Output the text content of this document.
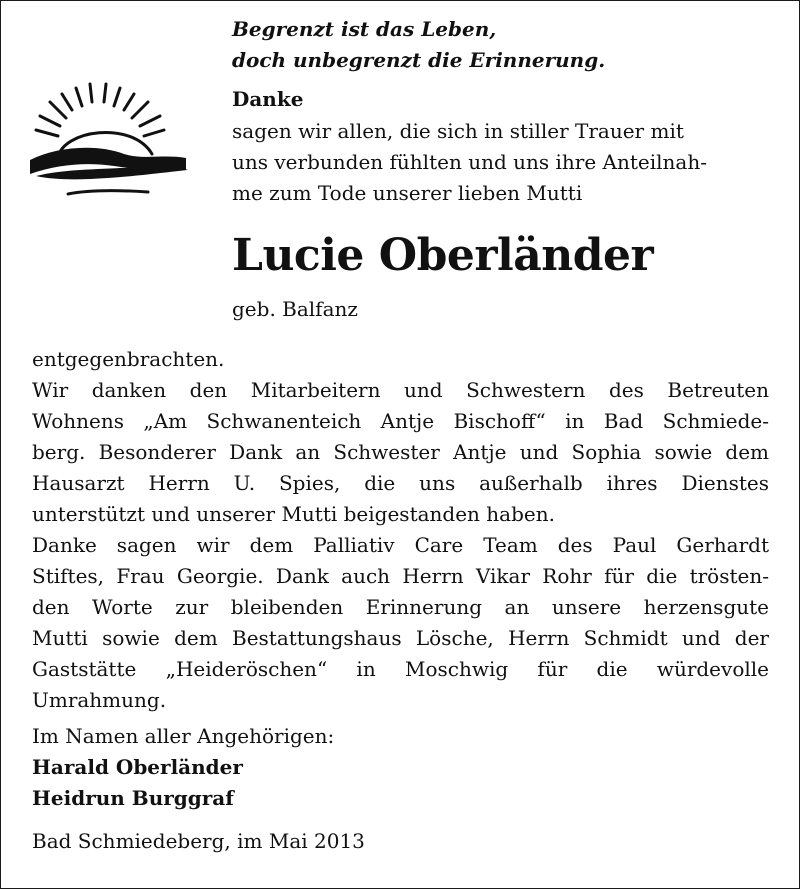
Begrenzt ist das Leben,
doch unbegrenzt die Erinnerung.
Danke
sagen wir allen, die sich in stiller Trauer mit
uns verbunden fühlten und uns ihre Anteilnah-
me zum Tode unserer lieben Mutti
Lucie Oberländer
geb. Balfanz
entgegenbrachten.
Wir danken den Mitarbeitern und Schwestern des Betreuten
Wohnens „Am Schwanenteich Antje Bischoff“ in Bad Schmiede-
berg. Besonderer Dank an Schwester Antje und Sophia sowie dem
Hausarzt Herrn U. Spies, die uns außerhalb ihres Dienstes
unterstützt und unserer Mutti beigestanden haben.
Danke sagen wir dem Palliativ Care Team des Paul Gerhardt
Stiftes, Frau Georgie. Dank auch Herrn Vikar Rohr für die trösten-
den Worte zur bleibenden Erinnerung an unsere herzensgute
Mutti sowie dem Bestattungshaus Lösche, Herrn Schmidt und der
Gaststätte „Heideröschen“ in Moschwig für die würdevolle
Umrahmung.
Im Namen aller Angehörigen:
Harald Oberländer
Heidrun Burggraf
Bad Schmiedeberg, im Mai 2013
